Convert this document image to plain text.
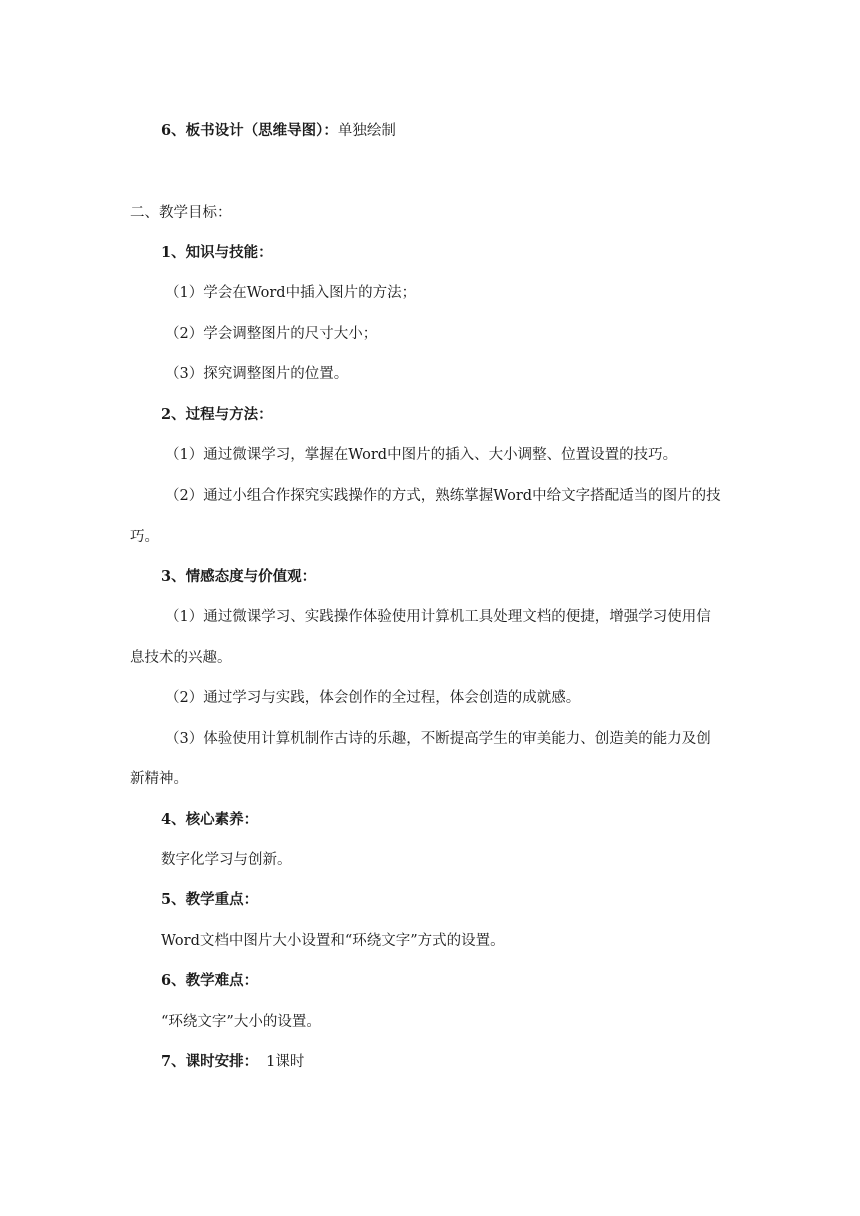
6、板书设计（思维导图）：单独绘制
二、教学目标：
1、知识与技能：
（1）学会在Word中插入图片的方法；
（2）学会调整图片的尺寸大小；
（3）探究调整图片的位置。
2、过程与方法：
（1）通过微课学习，掌握在Word中图片的插入、大小调整、位置设置的技巧。
（2）通过小组合作探究实践操作的方式，熟练掌握Word中给文字搭配适当的图片的技
巧。
3、情感态度与价值观：
（1）通过微课学习、实践操作体验使用计算机工具处理文档的便捷，增强学习使用信
息技术的兴趣。
（2）通过学习与实践，体会创作的全过程，体会创造的成就感。
（3）体验使用计算机制作古诗的乐趣，不断提高学生的审美能力、创造美的能力及创
新精神。
4、核心素养：
数字化学习与创新。
5、教学重点：
Word文档中图片大小设置和“环绕文字”方式的设置。
6、教学难点：
“环绕文字”大小的设置。
7、课时安排： 1课时
